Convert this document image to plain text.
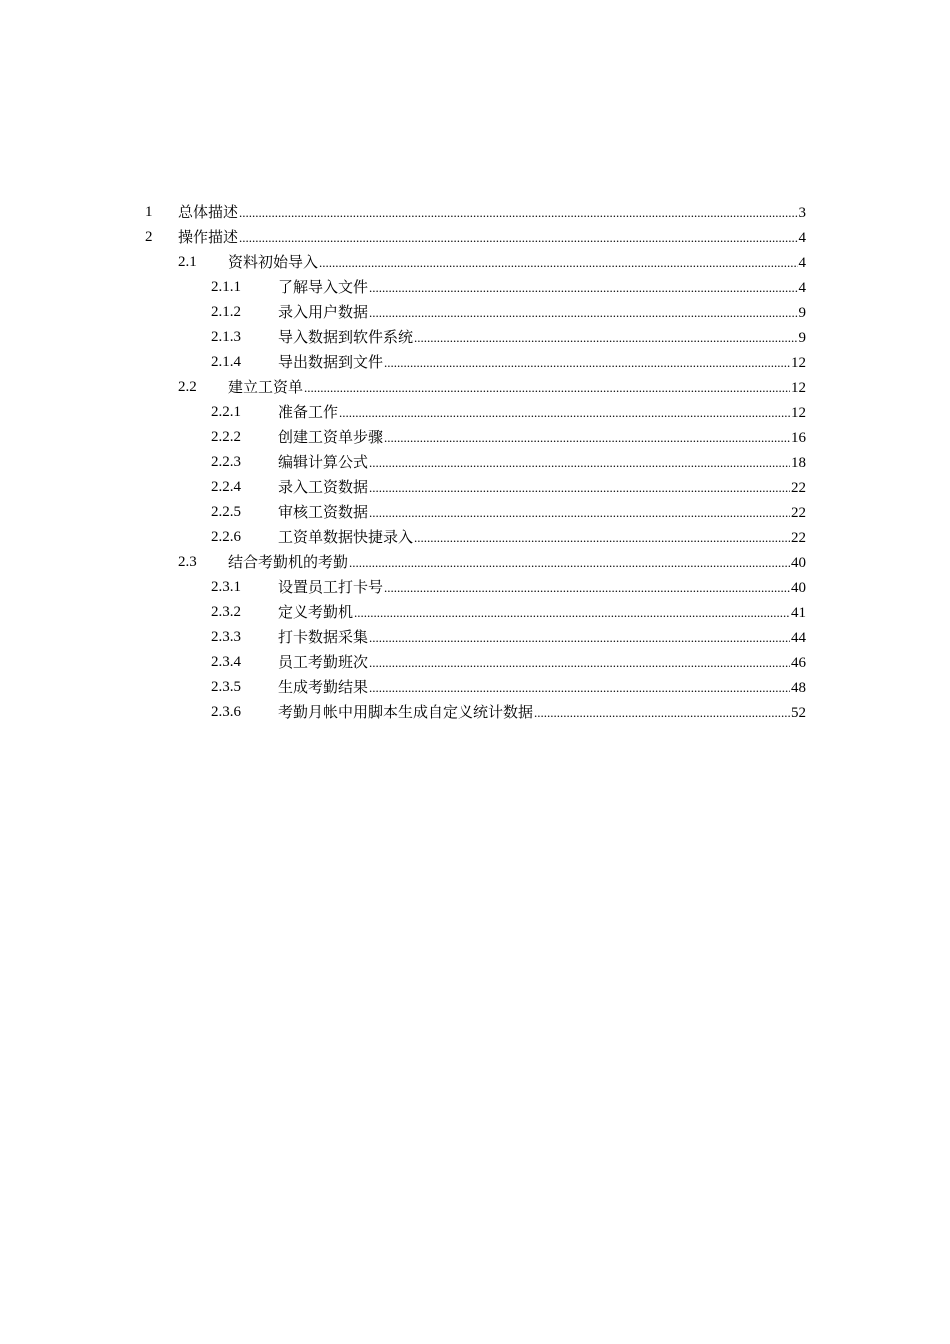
1 总体描述 .....	3
2 操作描述 .....	4
2.1 资料初始导入 .....	4
2.1.1 了解导入文件 .....	4
2.1.2 录入用户数据 .....	9
2.1.3 导入数据到软件系统 .....	9
2.1.4 导出数据到文件 .....	12
2.2 建立工资单 .....	12
2.2.1 准备工作 .....	12
2.2.2 创建工资单步骤 .....	16
2.2.3 编辑计算公式 .....	18
2.2.4 录入工资数据 .....	22
2.2.5 审核工资数据 .....	22
2.2.6 工资单数据快捷录入 .....	22
2.3 结合考勤机的考勤 .....	40
2.3.1 设置员工打卡号 .....	40
2.3.2 定义考勤机 .....	41
2.3.3 打卡数据采集 .....	44
2.3.4 员工考勤班次 .....	46
2.3.5 生成考勤结果 .....	48
2.3.6 考勤月帐中用脚本生成自定义统计数据 .....	52
